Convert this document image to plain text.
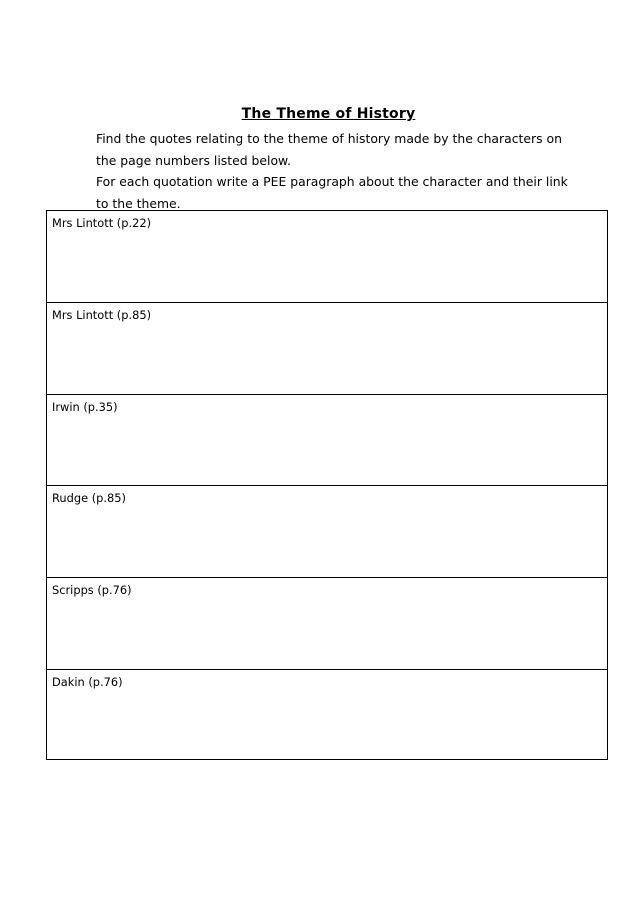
The Theme of History

Find the quotes relating to the theme of history made by the characters on

the page numbers listed below.

For each quotation write a PEE paragraph about the character and their link

to the theme.

Mrs Lintott (p.22)
Mrs Lintott (p.85)
Irwin (p.35)
Rudge (p.85)
Scripps (p.76)
Dakin (p.76)
